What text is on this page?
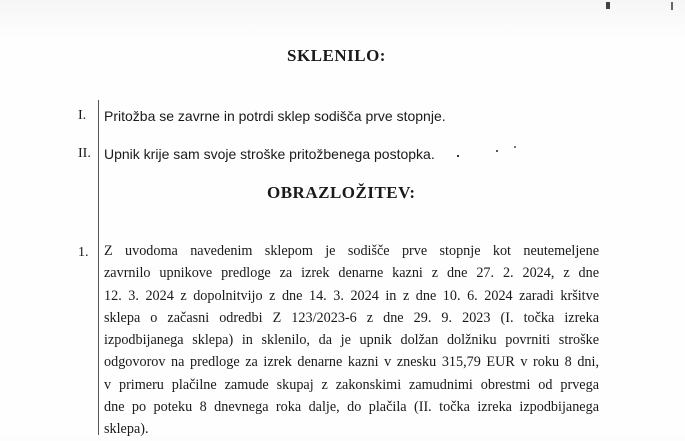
SKLENILO:
I. Pritožba se zavrne in potrdi sklep sodišča prve stopnje.
II. Upnik krije sam svoje stroške pritožbenega postopka.
OBRAZLOŽITEV:
1. Z uvodoma navedenim sklepom je sodišče prve stopnje kot neutemeljene
zavrnilo upnikove predloge za izrek denarne kazni z dne 27. 2. 2024, z dne
12. 3. 2024 z dopolnitvijo z dne 14. 3. 2024 in z dne 10. 6. 2024 zaradi kršitve
sklepa o začasni odredbi Z 123/2023-6 z dne 29. 9. 2023 (I. točka izreka
izpodbijanega sklepa) in sklenilo, da je upnik dolžan dolžniku povrniti stroške
odgovorov na predloge za izrek denarne kazni v znesku 315,79 EUR v roku 8 dni,
v primeru plačilne zamude skupaj z zakonskimi zamudnimi obrestmi od prvega
dne po poteku 8 dnevnega roka dalje, do plačila (II. točka izreka izpodbijanega
sklepa).
